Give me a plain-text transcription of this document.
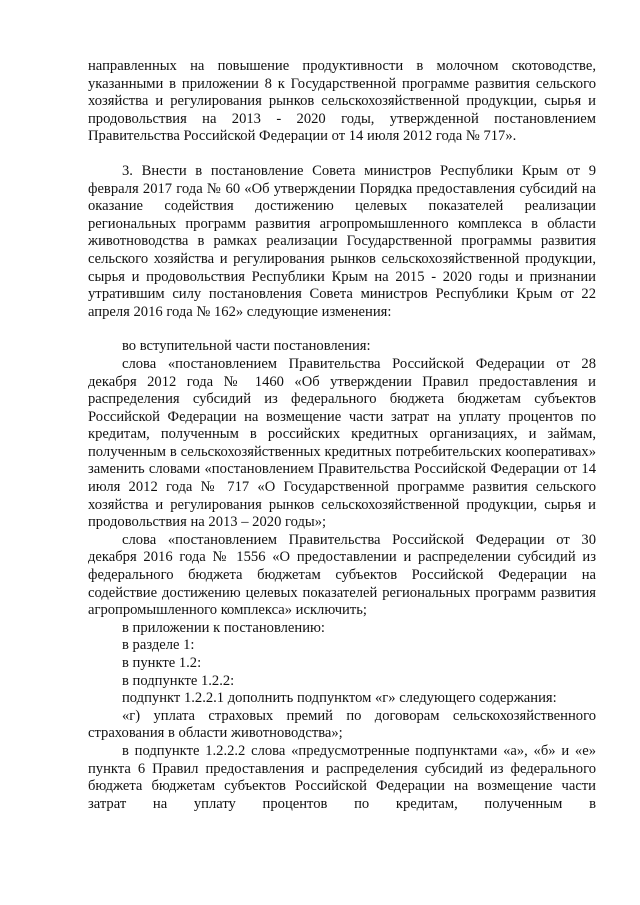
направленных на повышение продуктивности в молочном скотоводстве, указанными в приложении 8 к Государственной программе развития сельского хозяйства и регулирования рынков сельскохозяйственной продукции, сырья и продовольствия на 2013 - 2020 годы, утвержденной постановлением Правительства Российской Федерации от 14 июля 2012 года № 717».

3. Внести в постановление Совета министров Республики Крым от 9 февраля 2017 года № 60 «Об утверждении Порядка предоставления субсидий на оказание содействия достижению целевых показателей реализации региональных программ развития агропромышленного комплекса в области животноводства в рамках реализации Государственной программы развития сельского хозяйства и регулирования рынков сельскохозяйственной продукции, сырья и продовольствия Республики Крым на 2015 - 2020 годы и признании утратившим силу постановления Совета министров Республики Крым от 22 апреля 2016 года № 162» следующие изменения:

во вступительной части постановления:

слова «постановлением Правительства Российской Федерации от 28 декабря 2012 года № 1460 «Об утверждении Правил предоставления и распределения субсидий из федерального бюджета бюджетам субъектов Российской Федерации на возмещение части затрат на уплату процентов по кредитам, полученным в российских кредитных организациях, и займам, полученным в сельскохозяйственных кредитных потребительских кооперативах» заменить словами «постановлением Правительства Российской Федерации от 14 июля 2012 года № 717 «О Государственной программе развития сельского хозяйства и регулирования рынков сельскохозяйственной продукции, сырья и продовольствия на 2013 – 2020 годы»;

слова «постановлением Правительства Российской Федерации от 30 декабря 2016 года № 1556 «О предоставлении и распределении субсидий из федерального бюджета бюджетам субъектов Российской Федерации на содействие достижению целевых показателей региональных программ развития агропромышленного комплекса» исключить;

в приложении к постановлению:

в разделе 1:

в пункте 1.2:

в подпункте 1.2.2:

подпункт 1.2.2.1 дополнить подпунктом «г» следующего содержания:

«г) уплата страховых премий по договорам сельскохозяйственного страхования в области животноводства»;

в подпункте 1.2.2.2 слова «предусмотренные подпунктами «а», «б» и «е» пункта 6 Правил предоставления и распределения субсидий из федерального бюджета бюджетам субъектов Российской Федерации на возмещение части затрат на уплату процентов по кредитам, полученным в
